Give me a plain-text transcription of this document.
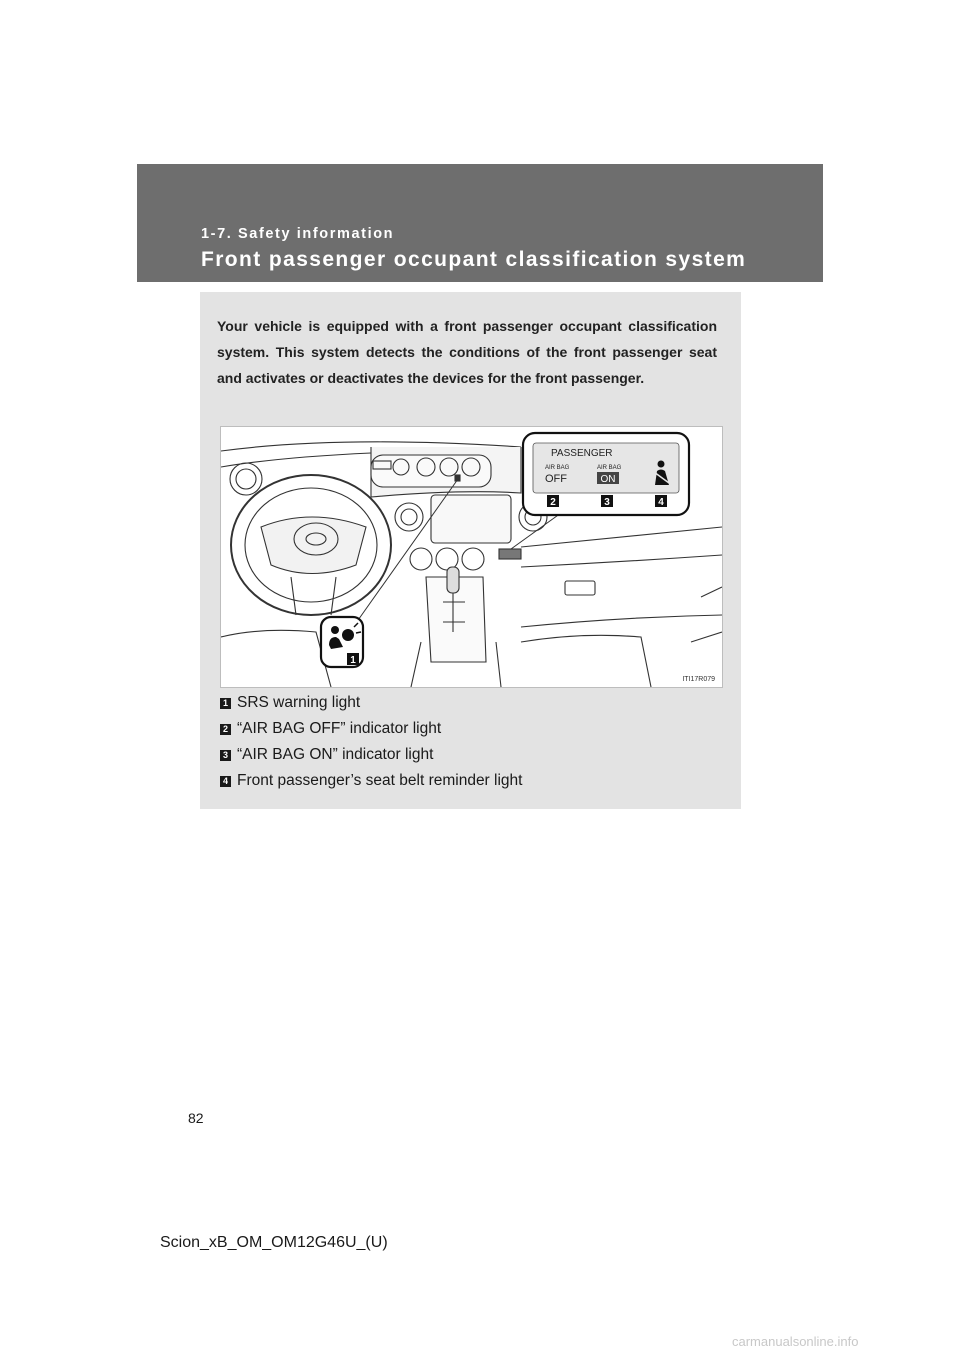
1-7. Safety information
Front passenger occupant classification system
Your vehicle is equipped with a front passenger occupant classification system. This system detects the conditions of the front passenger seat and activates or deactivates the devices for the front passenger.
1
PASSENGER
AIR BAG
OFF
AIR BAG
ON
2	3	4
ITI17R079
1 SRS warning light
2 “AIR BAG OFF” indicator light
3 “AIR BAG ON” indicator light
4 Front passenger’s seat belt reminder light
82
Scion_xB_OM_OM12G46U_(U)
carmanualsonline.info
